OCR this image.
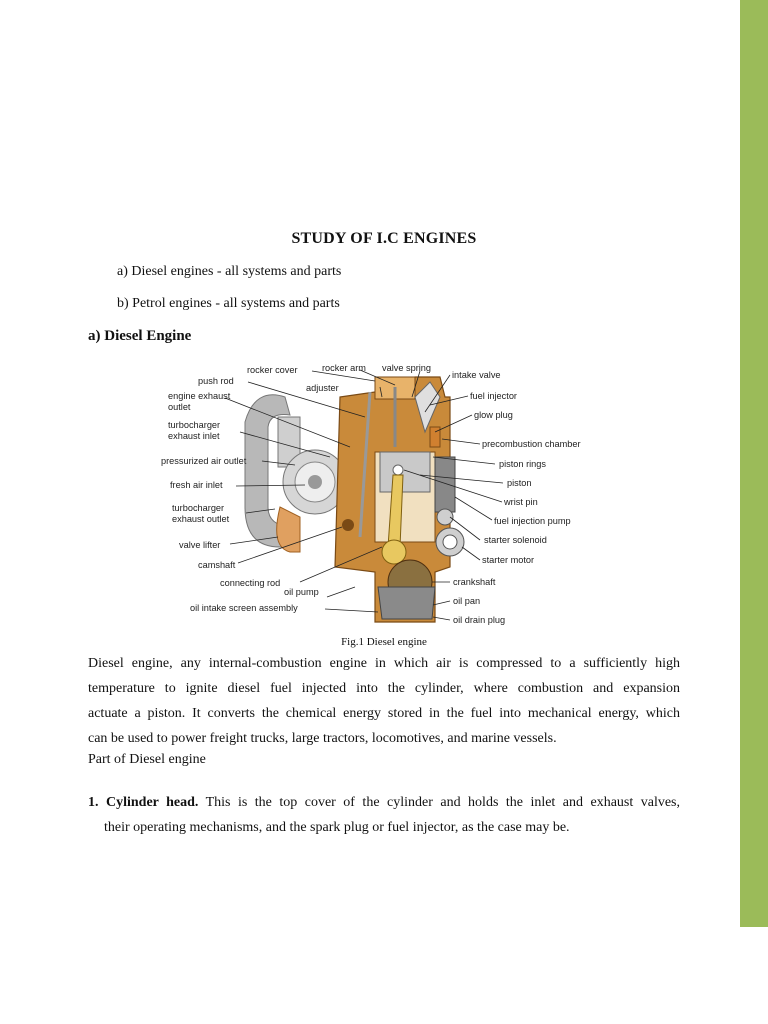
STUDY OF I.C ENGINES
a) Diesel engines - all systems and parts
b) Petrol engines - all systems and parts
a) Diesel Engine
push rod
engine exhaust
outlet
turbocharger
exhaust inlet
pressurized air outlet
fresh air inlet
turbocharger
exhaust outlet
valve lifter
camshaft
connecting rod
oil pump
oil intake screen assembly
rocker cover	rocker arm valve spring
adjuster
intake valve
fuel injector
glow plug
precombustion chamber
piston rings
piston
wrist pin
fuel injection pump
starter solenoid
starter motor
crankshaft
oil pan
oil drain plug
Fig.1 Diesel engine
Diesel engine, any internal-combustion engine in which air is compressed to a sufficiently high
temperature to ignite diesel fuel injected into the cylinder, where combustion and expansion
actuate a piston. It converts the chemical energy stored in the fuel into mechanical energy, which
can be used to power freight trucks, large tractors, locomotives, and marine vessels.
Part of Diesel engine
1. Cylinder head. This is the top cover of the cylinder and holds the inlet and exhaust valves,
their operating mechanisms, and the spark plug or fuel injector, as the case may be.
